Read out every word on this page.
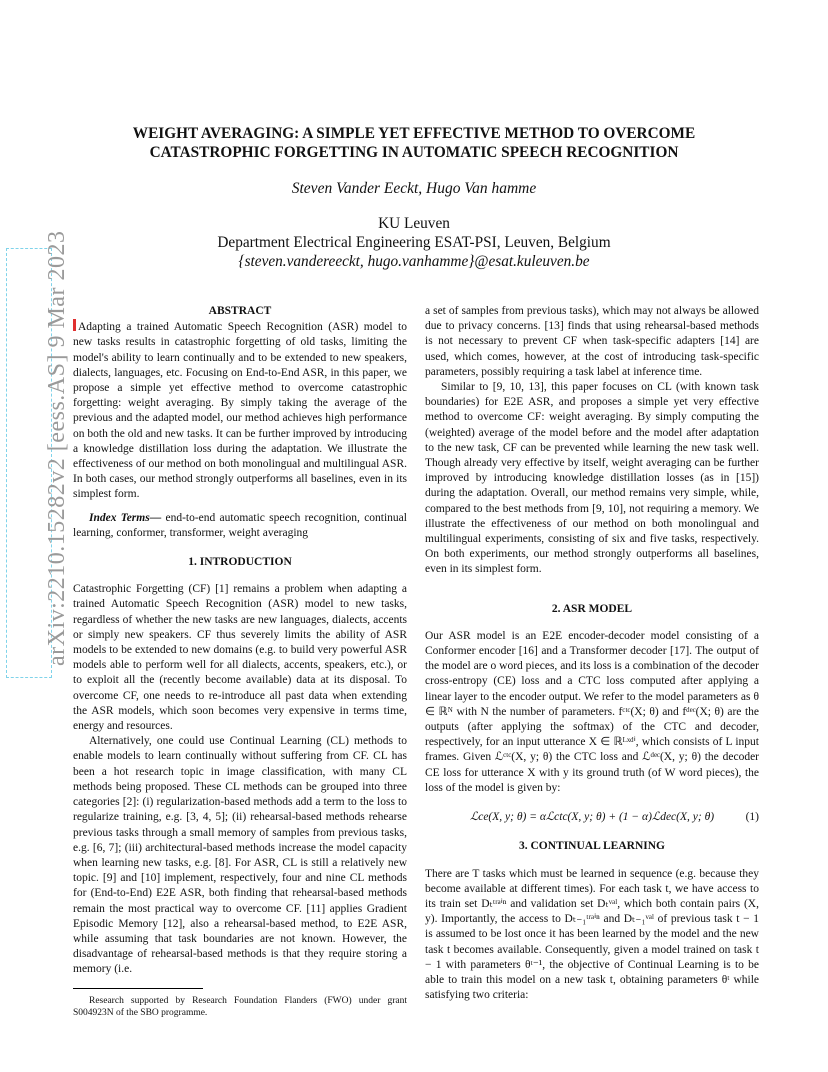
arXiv:2210.15282v2 [eess.AS] 9 Mar 2023
WEIGHT AVERAGING: A SIMPLE YET EFFECTIVE METHOD TO OVERCOME
CATASTROPHIC FORGETTING IN AUTOMATIC SPEECH RECOGNITION
Steven Vander Eeckt, Hugo Van hamme
KU Leuven
Department Electrical Engineering ESAT-PSI, Leuven, Belgium
{steven.vandereeckt, hugo.vanhamme}@esat.kuleuven.be

ABSTRACT

Adapting a trained Automatic Speech Recognition (ASR) model to new tasks results in catastrophic forgetting of old tasks, limiting the model's ability to learn continually and to be extended to new speakers, dialects, languages, etc. Focusing on End-to-End ASR, in this paper, we propose a simple yet effective method to overcome catastrophic forgetting: weight averaging. By simply taking the average of the previous and the adapted model, our method achieves high performance on both the old and new tasks. It can be further improved by introducing a knowledge distillation loss during the adaptation. We illustrate the effectiveness of our method on both monolingual and multilingual ASR. In both cases, our method strongly outperforms all baselines, even in its simplest form.

Index Terms— end-to-end automatic speech recognition, continual learning, conformer, transformer, weight averaging

1. INTRODUCTION

Catastrophic Forgetting (CF) [1] remains a problem when adapting a trained Automatic Speech Recognition (ASR) model to new tasks, regardless of whether the new tasks are new languages, dialects, accents or simply new speakers. CF thus severely limits the ability of ASR models to be extended to new domains (e.g. to build very powerful ASR models able to perform well for all dialects, accents, speakers, etc.), or to exploit all the (recently become available) data at its disposal. To overcome CF, one needs to re-introduce all past data when extending the ASR models, which soon becomes very expensive in terms time, energy and resources.

Alternatively, one could use Continual Learning (CL) methods to enable models to learn continually without suffering from CF. CL has been a hot research topic in image classification, with many CL methods being proposed. These CL methods can be grouped into three categories [2]: (i) regularization-based methods add a term to the loss to regularize training, e.g. [3, 4, 5]; (ii) rehearsal-based methods rehearse previous tasks through a small memory of samples from previous tasks, e.g. [6, 7]; (iii) architectural-based methods increase the model capacity when learning new tasks, e.g. [8]. For ASR, CL is still a relatively new topic. [9] and [10] implement, respectively, four and nine CL methods for (End-to-End) E2E ASR, both finding that rehearsal-based methods remain the most practical way to overcome CF. [11] applies Gradient Episodic Memory [12], also a rehearsal-based method, to E2E ASR, while assuming that task boundaries are not known. However, the disadvantage of rehearsal-based methods is that they require storing a memory (i.e.

Research supported by Research Foundation Flanders (FWO) under grant S004923N of the SBO programme.

a set of samples from previous tasks), which may not always be allowed due to privacy concerns. [13] finds that using rehearsal-based methods is not necessary to prevent CF when task-specific adapters [14] are used, which comes, however, at the cost of introducing task-specific parameters, possibly requiring a task label at inference time.

Similar to [9, 10, 13], this paper focuses on CL (with known task boundaries) for E2E ASR, and proposes a simple yet very effective method to overcome CF: weight averaging. By simply computing the (weighted) average of the model before and the model after adaptation to the new task, CF can be prevented while learning the new task well. Though already very effective by itself, weight averaging can be further improved by introducing knowledge distillation losses (as in [15]) during the adaptation. Overall, our method remains very simple, while, compared to the best methods from [9, 10], not requiring a memory. We illustrate the effectiveness of our method on both monolingual and multilingual experiments, consisting of six and five tasks, respectively. On both experiments, our method strongly outperforms all baselines, even in its simplest form.

2. ASR MODEL

Our ASR model is an E2E encoder-decoder model consisting of a Conformer encoder [16] and a Transformer decoder [17]. The output of the model are o word pieces, and its loss is a combination of the decoder cross-entropy (CE) loss and a CTC loss computed after applying a linear layer to the encoder output. We refer to the model parameters as θ ∈ ℝᴺ with N the number of parameters. fᶜᵗᶜ(X; θ) and fᵈᵉᶜ(X; θ) are the outputs (after applying the softmax) of the CTC and decoder, respectively, for an input utterance X ∈ ℝᴸˣᵈⁱ, which consists of L input frames. Given ℒᶜᵗᶜ(X, y; θ) the CTC loss and ℒᵈᵉᶜ(X, y; θ) the decoder CE loss for utterance X with y its ground truth (of W word pieces), the loss of the model is given by:

ℒce(X, y; θ) = αℒctc(X, y; θ) + (1 − α)ℒdec(X, y; θ)	(1)

3. CONTINUAL LEARNING

There are T tasks which must be learned in sequence (e.g. because they become available at different times). For each task t, we have access to its train set Dₜᵗʳᵃⁱⁿ and validation set Dₜᵛᵃˡ, which both contain pairs (X, y). Importantly, the access to Dₜ₋₁ᵗʳᵃⁱⁿ and Dₜ₋₁ᵛᵃˡ of previous task t − 1 is assumed to be lost once it has been learned by the model and the new task t becomes available. Consequently, given a model trained on task t − 1 with parameters θᵗ⁻¹, the objective of Continual Learning is to be able to train this model on a new task t, obtaining parameters θᵗ while satisfying two criteria:
